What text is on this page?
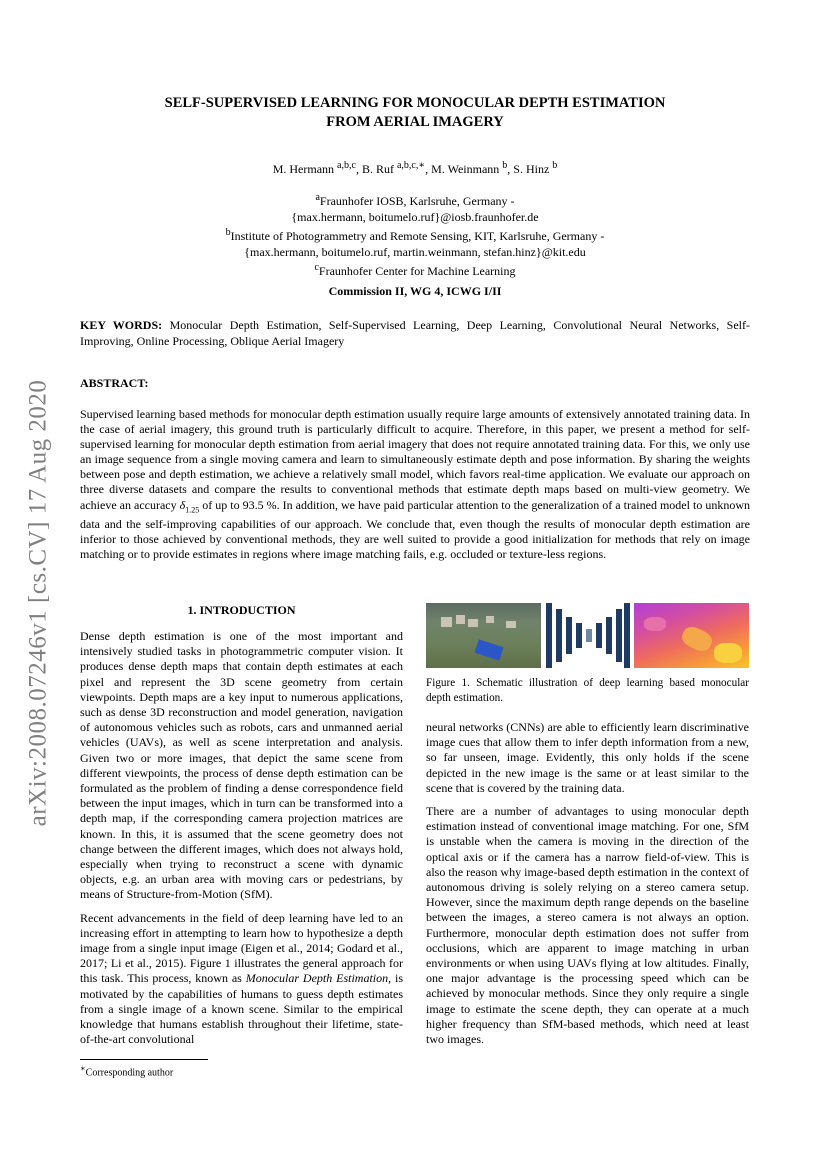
arXiv:2008.07246v1 [cs.CV] 17 Aug 2020
SELF-SUPERVISED LEARNING FOR MONOCULAR DEPTH ESTIMATION
FROM AERIAL IMAGERY
M. Hermann $^{a,b,c}$, B. Ruf $^{a,b,c,∗}$, M. Weinmann $^b$, S. Hinz $^b$
$^a$Fraunhofer IOSB, Karlsruhe, Germany -
{max.hermann, boitumelo.ruf}@iosb.fraunhofer.de
$^b$Institute of Photogrammetry and Remote Sensing, KIT, Karlsruhe, Germany -
{max.hermann, boitumelo.ruf, martin.weinmann, stefan.hinz}@kit.edu
$^c$Fraunhofer Center for Machine Learning
Commission II, WG 4, ICWG I/II
KEY WORDS: Monocular Depth Estimation, Self-Supervised Learning, Deep Learning, Convolutional Neural Networks, Self-Improving, Online Processing, Oblique Aerial Imagery
ABSTRACT:
Supervised learning based methods for monocular depth estimation usually require large amounts of extensively annotated training data. In the case of aerial imagery, this ground truth is particularly difficult to acquire. Therefore, in this paper, we present a method for self-supervised learning for monocular depth estimation from aerial imagery that does not require annotated training data. For this, we only use an image sequence from a single moving camera and learn to simultaneously estimate depth and pose information. By sharing the weights between pose and depth estimation, we achieve a relatively small model, which favors real-time application. We evaluate our approach on three diverse datasets and compare the results to conventional methods that estimate depth maps based on multi-view geometry. We achieve an accuracy $\delta_{1.25}$ of up to 93.5 %. In addition, we have paid particular attention to the generalization of a trained model to unknown data and the self-improving capabilities of our approach. We conclude that, even though the results of monocular depth estimation are inferior to those achieved by conventional methods, they are well suited to provide a good initialization for methods that rely on image matching or to provide estimates in regions where image matching fails, e.g. occluded or texture-less regions.
1. INTRODUCTION

Dense depth estimation is one of the most important and intensively studied tasks in photogrammetric computer vision. It produces dense depth maps that contain depth estimates at each pixel and represent the 3D scene geometry from certain viewpoints. Depth maps are a key input to numerous applications, such as dense 3D reconstruction and model generation, navigation of autonomous vehicles such as robots, cars and unmanned aerial vehicles (UAVs), as well as scene interpretation and analysis. Given two or more images, that depict the same scene from different viewpoints, the process of dense depth estimation can be formulated as the problem of finding a dense correspondence field between the input images, which in turn can be transformed into a depth map, if the corresponding camera projection matrices are known. In this, it is assumed that the scene geometry does not change between the different images, which does not always hold, especially when trying to reconstruct a scene with dynamic objects, e.g. an urban area with moving cars or pedestrians, by means of Structure-from-Motion (SfM).

Recent advancements in the field of deep learning have led to an increasing effort in attempting to learn how to hypothesize a depth image from a single input image (Eigen et al., 2014; Godard et al., 2017; Li et al., 2015). Figure 1 illustrates the general approach for this task. This process, known as Monocular Depth Estimation, is motivated by the capabilities of humans to guess depth estimates from a single image of a known scene. Similar to the empirical knowledge that humans establish throughout their lifetime, state-of-the-art convolutional

Figure 1. Schematic illustration of deep learning based monocular depth estimation.

neural networks (CNNs) are able to efficiently learn discriminative image cues that allow them to infer depth information from a new, so far unseen, image. Evidently, this only holds if the scene depicted in the new image is the same or at least similar to the scene that is covered by the training data.

There are a number of advantages to using monocular depth estimation instead of conventional image matching. For one, SfM is unstable when the camera is moving in the direction of the optical axis or if the camera has a narrow field-of-view. This is also the reason why image-based depth estimation in the context of autonomous driving is solely relying on a stereo camera setup. However, since the maximum depth range depends on the baseline between the images, a stereo camera is not always an option. Furthermore, monocular depth estimation does not suffer from occlusions, which are apparent to image matching in urban environments or when using UAVs flying at low altitudes. Finally, one major advantage is the processing speed which can be achieved by monocular methods. Since they only require a single image to estimate the scene depth, they can operate at a much higher frequency than SfM-based methods, which need at least two images.

∗Corresponding author
